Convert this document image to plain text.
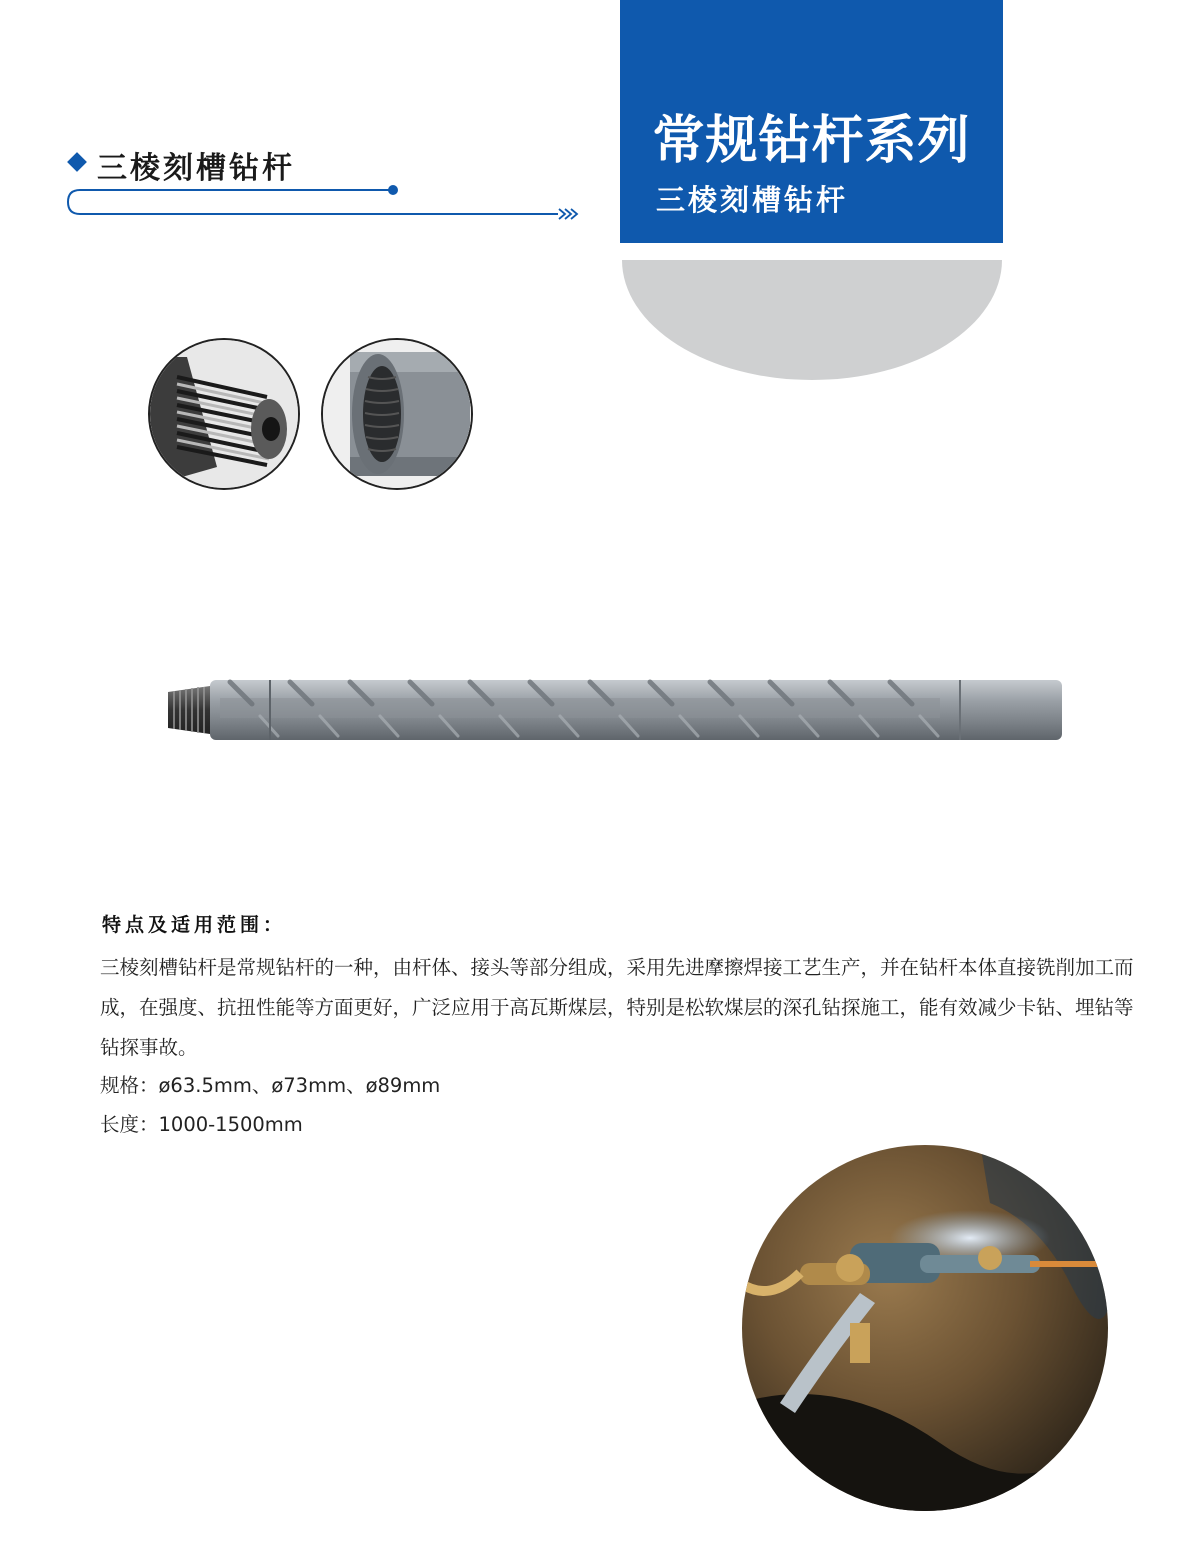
常规钻杆系列
三棱刻槽钻杆
三棱刻槽钻杆
特点及适用范围：
三棱刻槽钻杆是常规钻杆的一种，由杆体、接头等部分组成，采用先进摩擦焊接工艺生产，并在钻杆本体直接铣削加工而成，在强度、抗扭性能等方面更好，广泛应用于高瓦斯煤层，特别是松软煤层的深孔钻探施工，能有效减少卡钻、埋钻等钻探事故。
规格：ø63.5mm、ø73mm、ø89mm
长度：1000-1500mm
